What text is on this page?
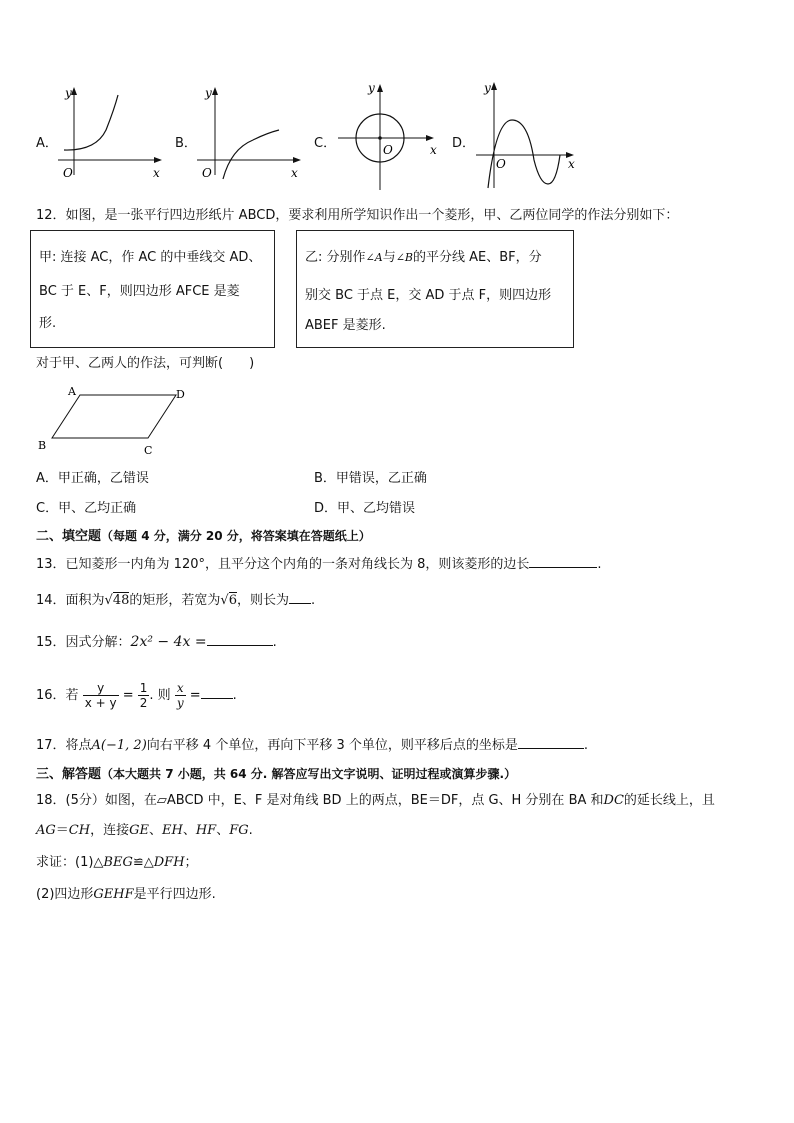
A．
y
x
O
B．
y
x
O
C．
y
x
O	D．
y
x
O
12．如图，是一张平行四边形纸片 ABCD，要求利用所学知识作出一个菱形，甲、乙两位同学的作法分别如下：

甲: 连接 AC，作 AC 的中垂线交 AD、

BC 于 E、F，则四边形 AFCE 是菱

形.

乙: 分别作∠A与∠B的平分线 AE、BF，分

别交 BC 于点 E，交 AD 于点 F，则四边形

ABEF 是菱形.

对于甲、乙两人的作法，可判断(　　)
A	D
B	C
A．甲正确，乙错误	B．甲错误，乙正确
C．甲、乙均正确	D．甲、乙均错误
二、填空题（每题 4 分，满分 20 分，将答案填在答题纸上）
13．已知菱形一内角为 120°，且平分这个内角的一条对角线长为 8，则该菱形的边长	.
14．面积为√48的矩形，若宽为√6，则长为 .
15．因式分解：2x² − 4x =	.
16．若 $\frac{y}{x + y} = \frac{1}{2}$ . 则 $\frac{x}{y}$ = .
17．将点A(−1, 2)向右平移 4 个单位，再向下平移 3 个单位，则平移后点的坐标是	.
三、解答题（本大题共 7 小题，共 64 分. 解答应写出文字说明、证明过程或演算步骤.）
18．(5分）如图，在▱ABCD 中，E、F 是对角线 BD 上的两点，BE＝DF，点 G、H 分别在 BA 和DC的延长线上，且
AG＝CH，连接GE、EH、HF、FG.
求证：(1)△BEG≌△DFH；
(2)四边形GEHF是平行四边形.
